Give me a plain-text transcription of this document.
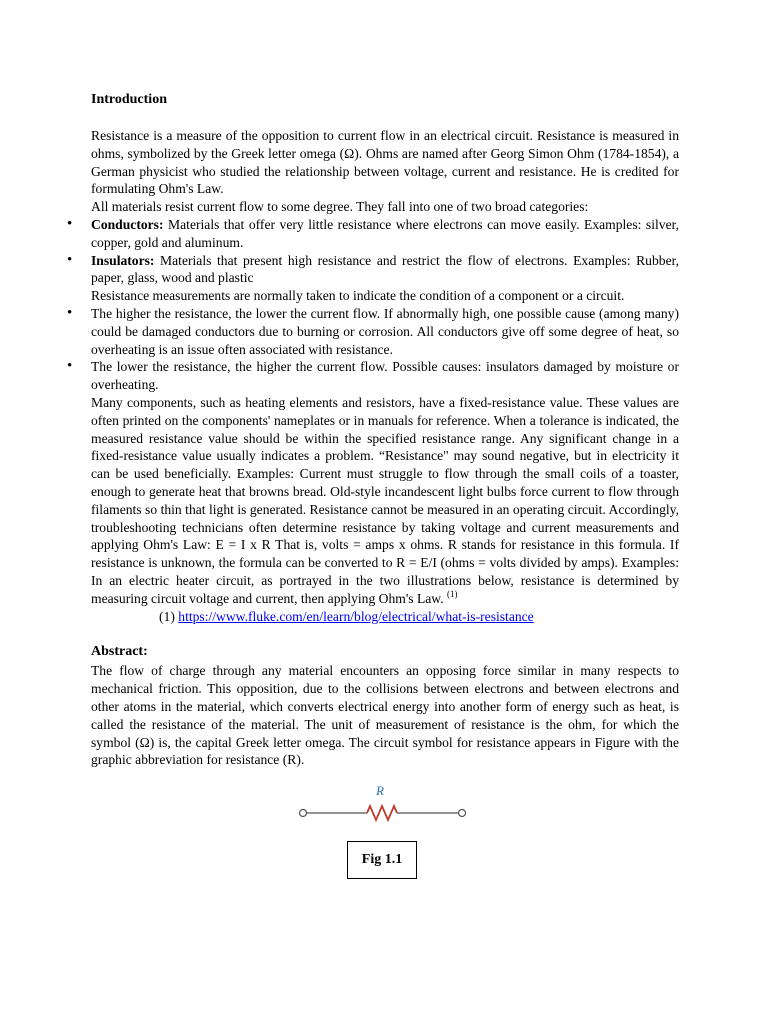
Introduction

Resistance is a measure of the opposition to current flow in an electrical circuit. Resistance is measured in ohms, symbolized by the Greek letter omega (Ω). Ohms are named after Georg Simon Ohm (1784-1854), a German physicist who studied the relationship between voltage, current and resistance. He is credited for formulating Ohm's Law.

All materials resist current flow to some degree. They fall into one of two broad categories:

• Conductors: Materials that offer very little resistance where electrons can move easily. Examples: silver, copper, gold and aluminum.
• Insulators: Materials that present high resistance and restrict the flow of electrons. Examples: Rubber, paper, glass, wood and plastic

Resistance measurements are normally taken to indicate the condition of a component or a circuit.

• The higher the resistance, the lower the current flow. If abnormally high, one possible cause (among many) could be damaged conductors due to burning or corrosion. All conductors give off some degree of heat, so overheating is an issue often associated with resistance.
• The lower the resistance, the higher the current flow. Possible causes: insulators damaged by moisture or overheating.

Many components, such as heating elements and resistors, have a fixed-resistance value. These values are often printed on the components' nameplates or in manuals for reference. When a tolerance is indicated, the measured resistance value should be within the specified resistance range. Any significant change in a fixed-resistance value usually indicates a problem. “Resistance" may sound negative, but in electricity it can be used beneficially. Examples: Current must struggle to flow through the small coils of a toaster, enough to generate heat that browns bread. Old-style incandescent light bulbs force current to flow through filaments so thin that light is generated. Resistance cannot be measured in an operating circuit. Accordingly, troubleshooting technicians often determine resistance by taking voltage and current measurements and applying Ohm's Law: E = I x R That is, volts = amps x ohms. R stands for resistance in this formula. If resistance is unknown, the formula can be converted to R = E/I (ohms = volts divided by amps). Examples: In an electric heater circuit, as portrayed in the two illustrations below, resistance is determined by measuring circuit voltage and current, then applying Ohm's Law. $^{(1)}$

(1) https://www.fluke.com/en/learn/blog/electrical/what-is-resistance
Abstract:

The flow of charge through any material encounters an opposing force similar in many respects to mechanical friction. This opposition, due to the collisions between electrons and between electrons and other atoms in the material, which converts electrical energy into another form of energy such as heat, is called the resistance of the material. The unit of measurement of resistance is the ohm, for which the symbol (Ω) is, the capital Greek letter omega. The circuit symbol for resistance appears in Figure with the graphic abbreviation for resistance (R).

R
Fig 1.1
